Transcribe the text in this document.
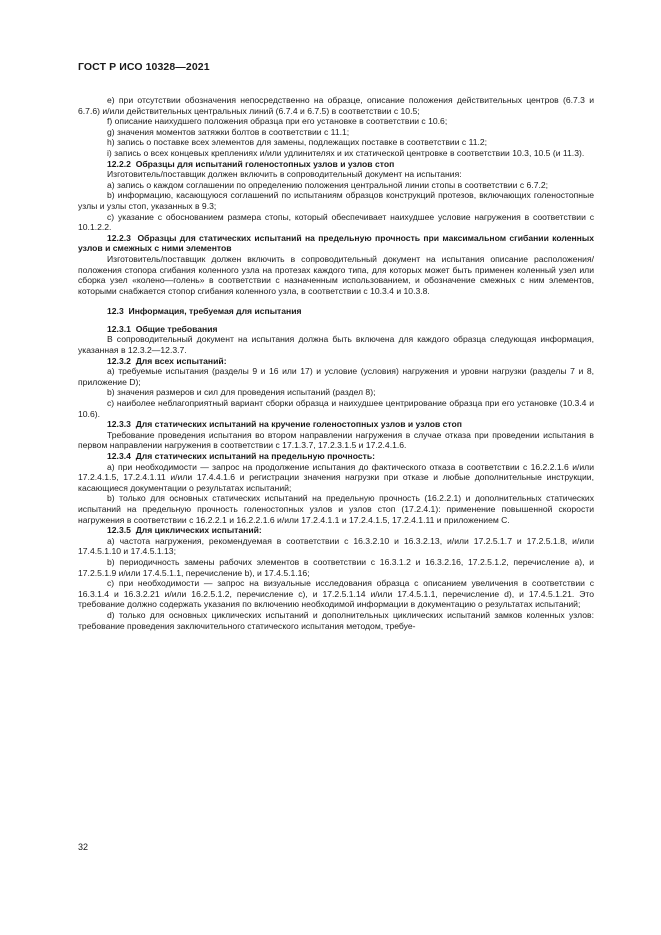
ГОСТ Р ИСО 10328—2021

e) при отсутствии обозначения непосредственно на образце, описание положения действительных центров (6.7.3 и 6.7.6) и/или действительных центральных линий (6.7.4 и 6.7.5) в соответствии с 10.5;

f) описание наихудшего положения образца при его установке в соответствии с 10.6;

g) значения моментов затяжки болтов в соответствии с 11.1;

h) запись о поставке всех элементов для замены, подлежащих поставке в соответствии с 11.2;

i) запись о всех концевых креплениях и/или удлинителях и их статической центровке в соответствии 10.3, 10.5 (и 11.3).

12.2.2 Образцы для испытаний голеностопных узлов и узлов стоп

Изготовитель/поставщик должен включить в сопроводительный документ на испытания:

a) запись о каждом соглашении по определению положения центральной линии стопы в соответствии с 6.7.2;

b) информацию, касающуюся соглашений по испытаниям образцов конструкций протезов, включающих голеностопные узлы и узлы стоп, указанных в 9.3;

c) указание с обоснованием размера стопы, который обеспечивает наихудшее условие нагружения в соответствии с 10.1.2.2.

12.2.3 Образцы для статических испытаний на предельную прочность при максимальном сгибании коленных узлов и смежных с ними элементов

Изготовитель/поставщик должен включить в сопроводительный документ на испытания описание расположения/положения стопора сгибания коленного узла на протезах каждого типа, для которых может быть применен коленный узел или сборка узел «колено—голень» в соответствии с назначенным использованием, и обозначение смежных с ним элементов, которыми снабжается стопор сгибания коленного узла, в соответствии с 10.3.4 и 10.3.8.

12.3 Информация, требуемая для испытания

12.3.1 Общие требования

В сопроводительный документ на испытания должна быть включена для каждого образца следующая информация, указанная в 12.3.2—12.3.7.

12.3.2 Для всех испытаний:

a) требуемые испытания (разделы 9 и 16 или 17) и условие (условия) нагружения и уровни нагрузки (разделы 7 и 8, приложение D);

b) значения размеров и сил для проведения испытаний (раздел 8);

c) наиболее неблагоприятный вариант сборки образца и наихудшее центрирование образца при его установке (10.3.4 и 10.6).

12.3.3 Для статических испытаний на кручение голеностопных узлов и узлов стоп

Требование проведения испытания во втором направлении нагружения в случае отказа при проведении испытания в первом направлении нагружения в соответствии с 17.1.3.7, 17.2.3.1.5 и 17.2.4.1.6.

12.3.4 Для статических испытаний на предельную прочность:

a) при необходимости — запрос на продолжение испытания до фактического отказа в соответствии с 16.2.2.1.6 и/или 17.2.4.1.5, 17.2.4.1.11 и/или 17.4.4.1.6 и регистрации значения нагрузки при отказе и любые дополнительные инструкции, касающиеся документации о результатах испытаний;

b) только для основных статических испытаний на предельную прочность (16.2.2.1) и дополнительных статических испытаний на предельную прочность голеностопных узлов и узлов стоп (17.2.4.1): применение повышенной скорости нагружения в соответствии с 16.2.2.1 и 16.2.2.1.6 и/или 17.2.4.1.1 и 17.2.4.1.5, 17.2.4.1.11 и приложением C.

12.3.5 Для циклических испытаний:

a) частота нагружения, рекомендуемая в соответствии с 16.3.2.10 и 16.3.2.13, и/или 17.2.5.1.7 и 17.2.5.1.8, и/или 17.4.5.1.10 и 17.4.5.1.13;

b) периодичность замены рабочих элементов в соответствии с 16.3.1.2 и 16.3.2.16, 17.2.5.1.2, перечисление a), и 17.2.5.1.9 и/или 17.4.5.1.1, перечисление b), и 17.4.5.1.16;

c) при необходимости — запрос на визуальные исследования образца с описанием увеличения в соответствии с 16.3.1.4 и 16.3.2.21 и/или 16.2.5.1.2, перечисление c), и 17.2.5.1.14 и/или 17.4.5.1.1, перечисление d), и 17.4.5.1.21. Это требование должно содержать указания по включению необходимой информации в документацию о результатах испытаний;

d) только для основных циклических испытаний и дополнительных циклических испытаний замков коленных узлов: требование проведения заключительного статического испытания методом, требуе-

32
